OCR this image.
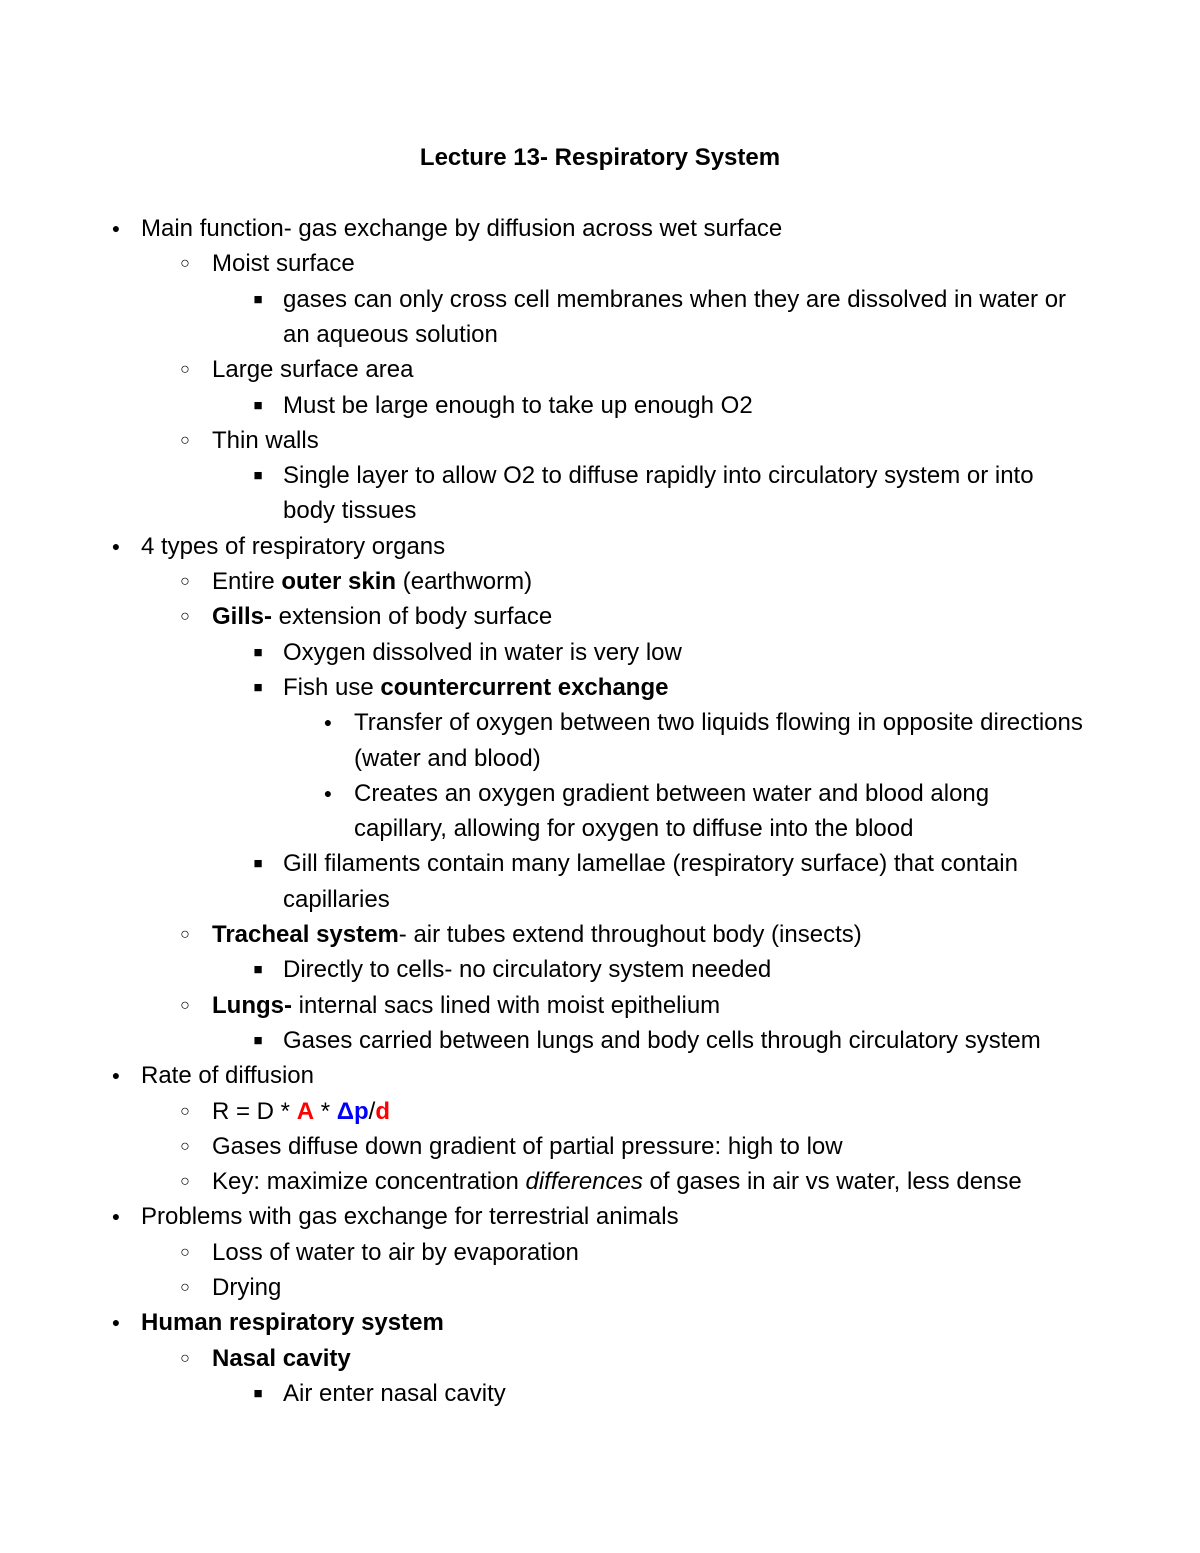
Lecture 13- Respiratory System
● Main function- gas exchange by diffusion across wet surface
○ Moist surface
■ gases can only cross cell membranes when they are dissolved in water or
an aqueous solution
○ Large surface area
■ Must be large enough to take up enough O2
○ Thin walls
■ Single layer to allow O2 to diffuse rapidly into circulatory system or into
body tissues
● 4 types of respiratory organs
○ Entire outer skin (earthworm)
○ Gills- extension of body surface
■ Oxygen dissolved in water is very low
■ Fish use countercurrent exchange
● Transfer of oxygen between two liquids flowing in opposite directions
(water and blood)
● Creates an oxygen gradient between water and blood along
capillary, allowing for oxygen to diffuse into the blood
■ Gill filaments contain many lamellae (respiratory surface) that contain
capillaries
○ Tracheal system- air tubes extend throughout body (insects)
■ Directly to cells- no circulatory system needed
○ Lungs- internal sacs lined with moist epithelium
■ Gases carried between lungs and body cells through circulatory system
● Rate of diffusion
○ R = D * A * Δp/d
○ Gases diffuse down gradient of partial pressure: high to low
○ Key: maximize concentration differences of gases in air vs water, less dense
● Problems with gas exchange for terrestrial animals
○ Loss of water to air by evaporation
○ Drying
● Human respiratory system
○ Nasal cavity
■ Air enter nasal cavity
